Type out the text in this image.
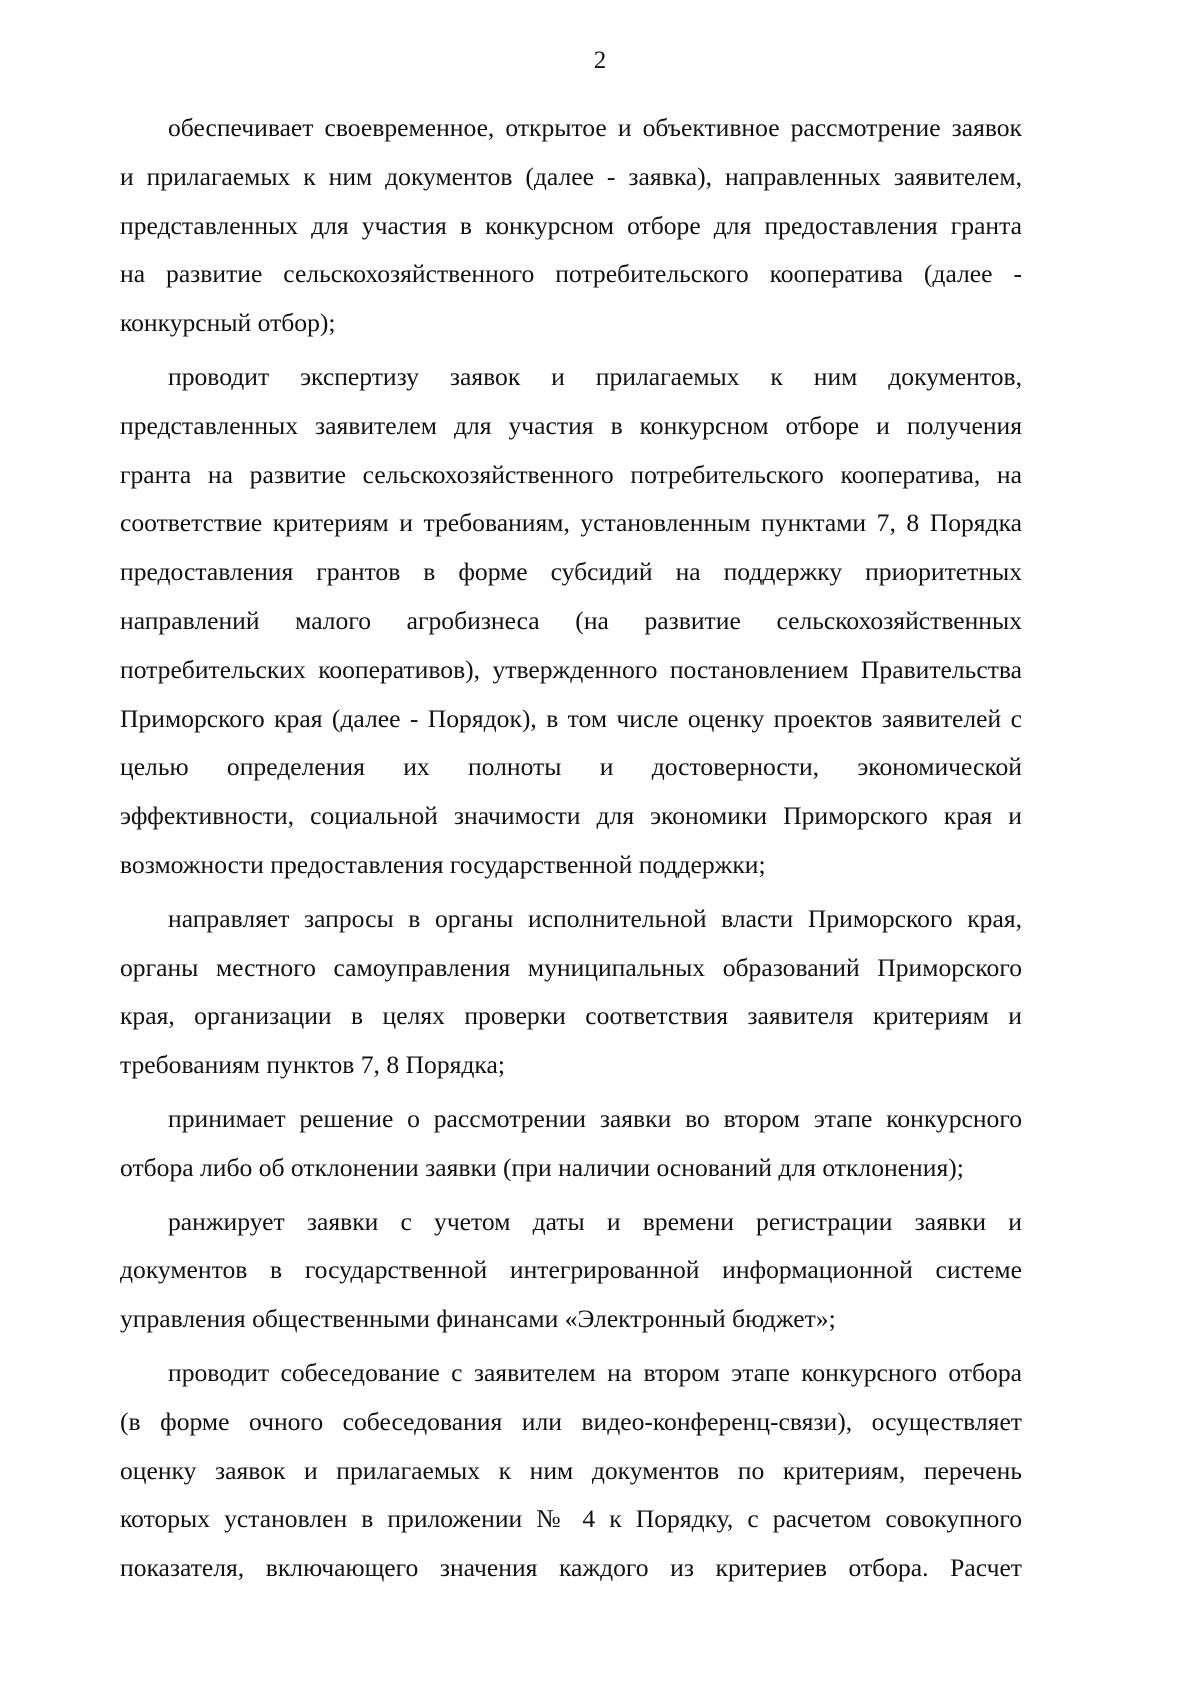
2
обеспечивает своевременное, открытое и объективное рассмотрение заявок
и прилагаемых к ним документов (далее - заявка), направленных заявителем,
представленных для участия в конкурсном отборе для предоставления гранта
на развитие сельскохозяйственного потребительского кооператива (далее -
конкурсный отбор);
проводит экспертизу заявок и прилагаемых к ним документов,
представленных заявителем для участия в конкурсном отборе и получения
гранта на развитие сельскохозяйственного потребительского кооператива, на
соответствие критериям и требованиям, установленным пунктами 7, 8 Порядка
предоставления грантов в форме субсидий на поддержку приоритетных
направлений малого агробизнеса (на развитие сельскохозяйственных
потребительских кооперативов), утвержденного постановлением Правительства
Приморского края (далее - Порядок), в том числе оценку проектов заявителей с
целью определения их полноты и достоверности, экономической
эффективности, социальной значимости для экономики Приморского края и
возможности предоставления государственной поддержки;
направляет запросы в органы исполнительной власти Приморского края,
органы местного самоуправления муниципальных образований Приморского
края, организации в целях проверки соответствия заявителя критериям и
требованиям пунктов 7, 8 Порядка;
принимает решение о рассмотрении заявки во втором этапе конкурсного
отбора либо об отклонении заявки (при наличии оснований для отклонения);
ранжирует заявки с учетом даты и времени регистрации заявки и
документов в государственной интегрированной информационной системе
управления общественными финансами «Электронный бюджет»;
проводит собеседование с заявителем на втором этапе конкурсного отбора
(в форме очного собеседования или видео-конференц-связи), осуществляет
оценку заявок и прилагаемых к ним документов по критериям, перечень
которых установлен в приложении № 4 к Порядку, с расчетом совокупного
показателя, включающего значения каждого из критериев отбора. Расчет
